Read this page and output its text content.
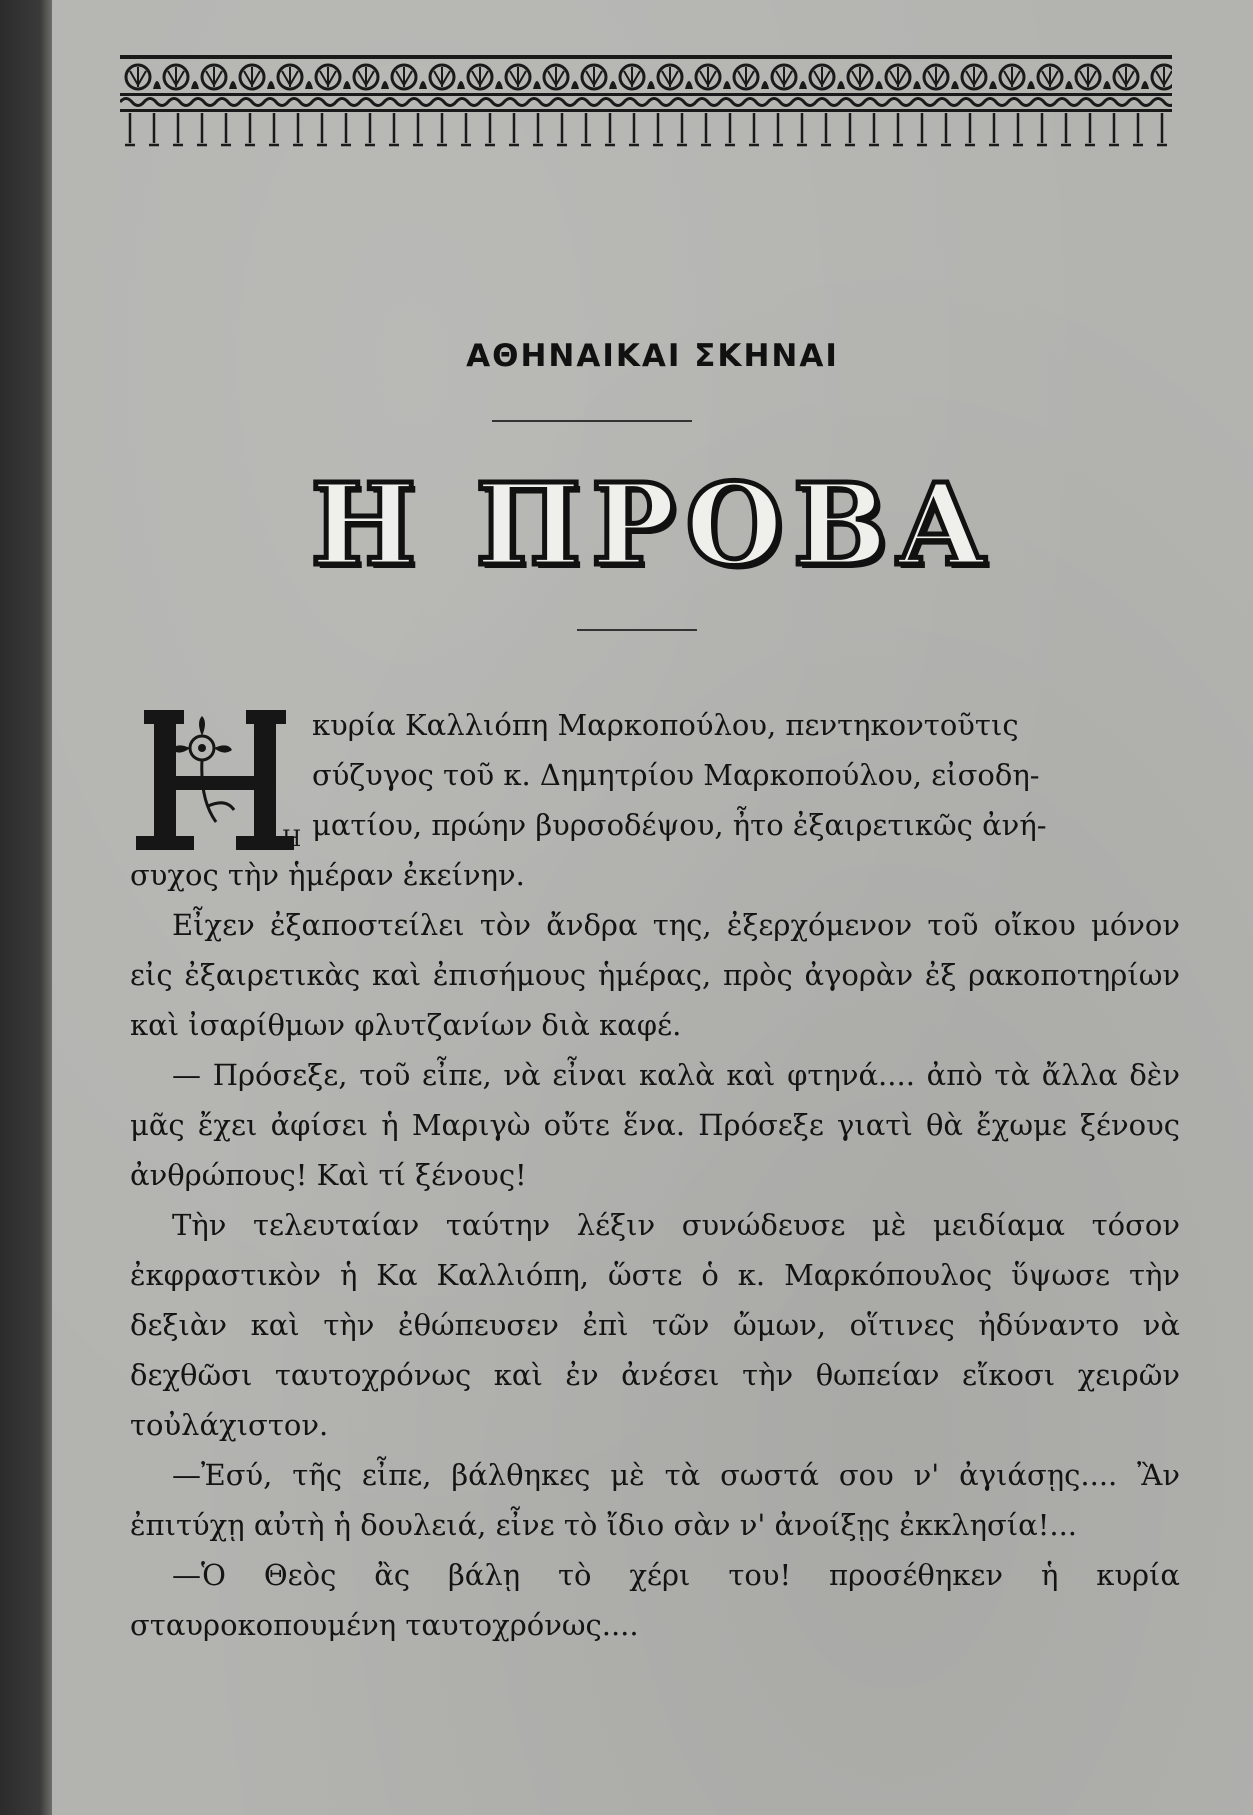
ΑΘΗΝΑΙΚΑΙ ΣΚΗΝΑΙ
Η ΠΡΟΒΑ
Η

κυρία Καλλιόπη Μαρκοπούλου, πεντηκοντοῦτις

σύζυγος τοῦ κ. Δημητρίου Μαρκοπούλου, εἰσοδη-

ματίου, πρώην βυρσοδέψου, ἦτο ἐξαιρετικῶς ἀνή-

συχος τὴν ἡμέραν ἐκείνην.

Εἶχεν ἐξαποστείλει τὸν ἄνδρα της, ἐξερχόμενον τοῦ οἴκου μόνον εἰς ἐξαιρετικὰς καὶ ἐπισήμους ἡμέρας, πρὸς ἀγορὰν ἐξ ρακοποτηρίων καὶ ἰσαρίθμων φλυτζανίων διὰ καφέ.

— Πρόσεξε, τοῦ εἶπε, νὰ εἶναι καλὰ καὶ φτηνά.... ἀπὸ τὰ ἄλλα δὲν μᾶς ἔχει ἀφίσει ἡ Μαριγὼ οὔτε ἕνα. Πρόσεξε γιατὶ θὰ ἔχωμε ξένους ἀνθρώπους! Καὶ τί ξένους!

Τὴν τελευταίαν ταύτην λέξιν συνώδευσε μὲ μειδίαμα τόσον ἐκφραστικὸν ἡ Κα Καλλιόπη, ὥστε ὁ κ. Μαρκόπουλος ὕψωσε τὴν δεξιὰν καὶ τὴν ἐθώπευσεν ἐπὶ τῶν ὤμων, οἵτινες ἠδύναντο νὰ δεχθῶσι ταυτοχρόνως καὶ ἐν ἀνέσει τὴν θωπείαν εἴκοσι χειρῶν τοὐλάχιστον.

—Ἐσύ, τῆς εἶπε, βάλθηκες μὲ τὰ σωστά σου ν' ἀγιάσῃς.... Ἂν ἐπιτύχῃ αὐτὴ ἡ δουλειά, εἶνε τὸ ἴδιο σὰν ν' ἀνοίξῃς ἐκκλησία!...

—Ὁ Θεὸς ἂς βάλῃ τὸ χέρι του! προσέθηκεν ἡ κυρία σταυροκοπουμένη ταυτοχρόνως....
